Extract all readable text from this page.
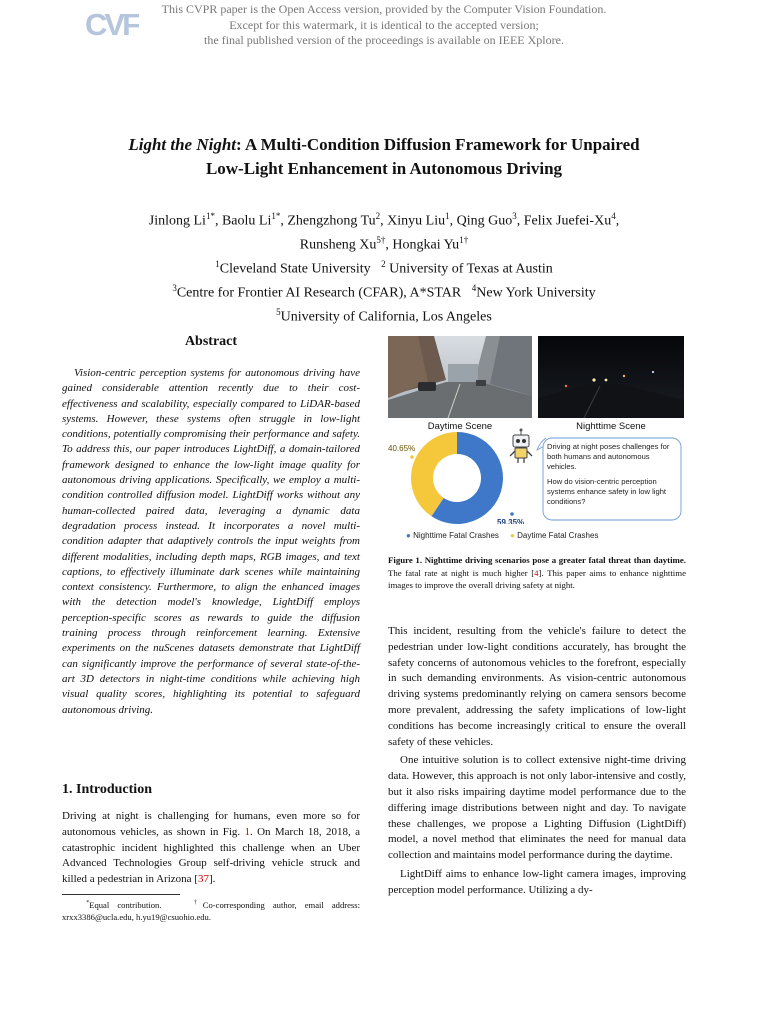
This CVPR paper is the Open Access version, provided by the Computer Vision Foundation.
Except for this watermark, it is identical to the accepted version;
the final published version of the proceedings is available on IEEE Xplore.
CVF
Light the Night: A Multi-Condition Diffusion Framework for Unpaired
Low-Light Enhancement in Autonomous Driving
Jinlong $Li^{1*}$, Baolu $Li^{1*}$, Zhengzhong Tu$^2$, Xinyu Liu$^1$, Qing Guo$^3$, Felix Juefei-Xu$^4$,
Runsheng $Xu^{5\dagger}$, Hongkai $Yu^{1\dagger}$
$^1$Cleveland State University $^2$ University of Texas at Austin
$^3$Centre for Frontier AI Research (CFAR), A*STAR $^4$New York University
$^5$University of California, Los Angeles
Abstract
Vision-centric perception systems for autonomous driving have gained considerable attention recently due to their cost-effectiveness and scalability, especially compared to LiDAR-based systems. However, these systems often struggle in low-light conditions, potentially compromising their performance and safety. To address this, our paper introduces LightDiff, a domain-tailored framework designed to enhance the low-light image quality for autonomous driving applications. Specifically, we employ a multi-condition controlled diffusion model. LightDiff works without any human-collected paired data, leveraging a dynamic data degradation process instead. It incorporates a novel multi-condition adapter that adaptively controls the input weights from different modalities, including depth maps, RGB images, and text captions, to effectively illuminate dark scenes while maintaining context consistency. Furthermore, to align the enhanced images with the detection model's knowledge, LightDiff employs perception-specific scores as rewards to guide the diffusion training process through reinforcement learning. Extensive experiments on the nuScenes datasets demonstrate that LightDiff can significantly improve the performance of several state-of-the-art 3D detectors in night-time conditions while achieving high visual quality scores, highlighting its potential to safeguard autonomous driving.
1. Introduction
Driving at night is challenging for humans, even more so for autonomous vehicles, as shown in Fig. 1. On March 18, 2018, a catastrophic incident highlighted this challenge when an Uber Advanced Technologies Group self-driving vehicle struck and killed a pedestrian in Arizona [37].
*Equal contribution.	†Co-corresponding author, email address: xrxx3386@ucla.edu, h.yu19@csuohio.edu.
Daytime Scene	Nighttime Scene
59.35%
40.65%	Driving at night poses challenges for both humans and autonomous vehicles.
How do vision-centric perception systems enhance safety in low light conditions?
● Nighttime Fatal Crashes ● Daytime Fatal Crashes
Figure 1. Nighttime driving scenarios pose a greater fatal threat than daytime. The fatal rate at night is much higher [4]. This paper aims to enhance nighttime images to improve the overall driving safety at night.

This incident, resulting from the vehicle's failure to detect the pedestrian under low-light conditions accurately, has brought the safety concerns of autonomous vehicles to the forefront, especially in such demanding environments. As vision-centric autonomous driving systems predominantly relying on camera sensors become more prevalent, addressing the safety implications of low-light conditions has become increasingly critical to ensure the overall safety of these vehicles.

One intuitive solution is to collect extensive night-time driving data. However, this approach is not only labor-intensive and costly, but it also risks impairing daytime model performance due to the differing image distributions between night and day. To navigate these challenges, we propose a Lighting Diffusion (LightDiff) model, a novel method that eliminates the need for manual data collection and maintains model performance during the daytime.

LightDiff aims to enhance low-light camera images, improving perception model performance. Utilizing a dy-
